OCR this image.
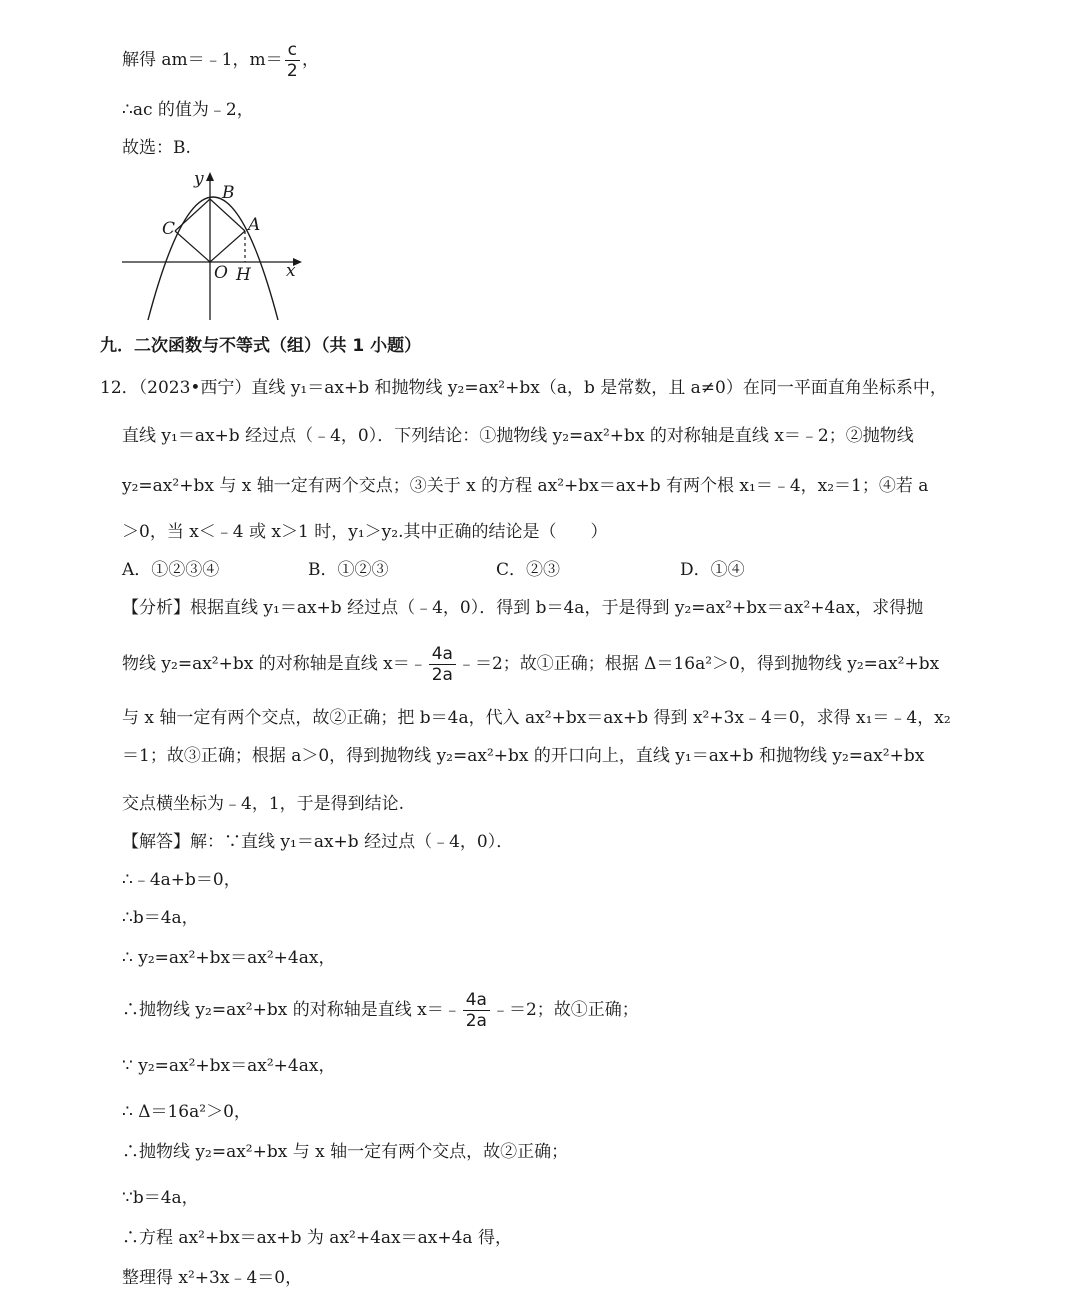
解得 am＝﹣1，$m= \frac{c}{2}$ ，
∴ac 的值为﹣2，
故选：B.
y
B
C	A
O H x
九．二次函数与不等式（组）（共 1 小题）
12．（2023•西宁）直线 y₁＝ax+b 和抛物线 y₂=ax²+bx（a，b 是常数，且 a≠0）在同一平面直角坐标系中，
直线 y₁＝ax+b 经过点（﹣4，0）．下列结论：①抛物线 y₂=ax²+bx 的对称轴是直线 x＝﹣2；②抛物线
y₂=ax²+bx 与 x 轴一定有两个交点；③关于 x 的方程 ax²+bx＝ax+b 有两个根 x₁＝﹣4，x₂＝1；④若 a
＞0，当 x＜﹣4 或 x＞1 时，y₁＞y₂.其中正确的结论是（　　）
A．①②③④	B．①②③	C．②③	D．①④
【分析】根据直线 y₁＝ax+b 经过点（﹣4，0）．得到 b＝4a，于是得到 y₂=ax²+bx＝ax²+4ax，求得抛
物线 y₂=ax²+bx 的对称轴是直线 x＝﹣ $\frac{4a}{2a}$ ﹣＝2；故①正确；根据 Δ＝16a²＞0，得到抛物线 y₂=ax²+bx
与 x 轴一定有两个交点，故②正确；把 b＝4a，代入 ax²+bx＝ax+b 得到 x²+3x﹣4＝0，求得 x₁＝﹣4，x₂
＝1；故③正确；根据 a＞0，得到抛物线 y₂=ax²+bx 的开口向上，直线 y₁＝ax+b 和抛物线 y₂=ax²+bx
交点横坐标为﹣4，1，于是得到结论.
【解答】解：∵直线 y₁＝ax+b 经过点（﹣4，0）．
∴﹣4a+b＝0，
∴b＝4a，
∴ y₂=ax²+bx＝ax²+4ax，
∴抛物线 y₂=ax²+bx 的对称轴是直线 x＝﹣ $\frac{4a}{2a}$ ﹣＝2；故①正确；
∵ y₂=ax²+bx＝ax²+4ax，
∴ Δ＝16a²＞0，
∴抛物线 y₂=ax²+bx 与 x 轴一定有两个交点，故②正确；
∵b＝4a，
∴方程 ax²+bx＝ax+b 为 ax²+4ax＝ax+4a 得，
整理得 x²+3x﹣4＝0，
